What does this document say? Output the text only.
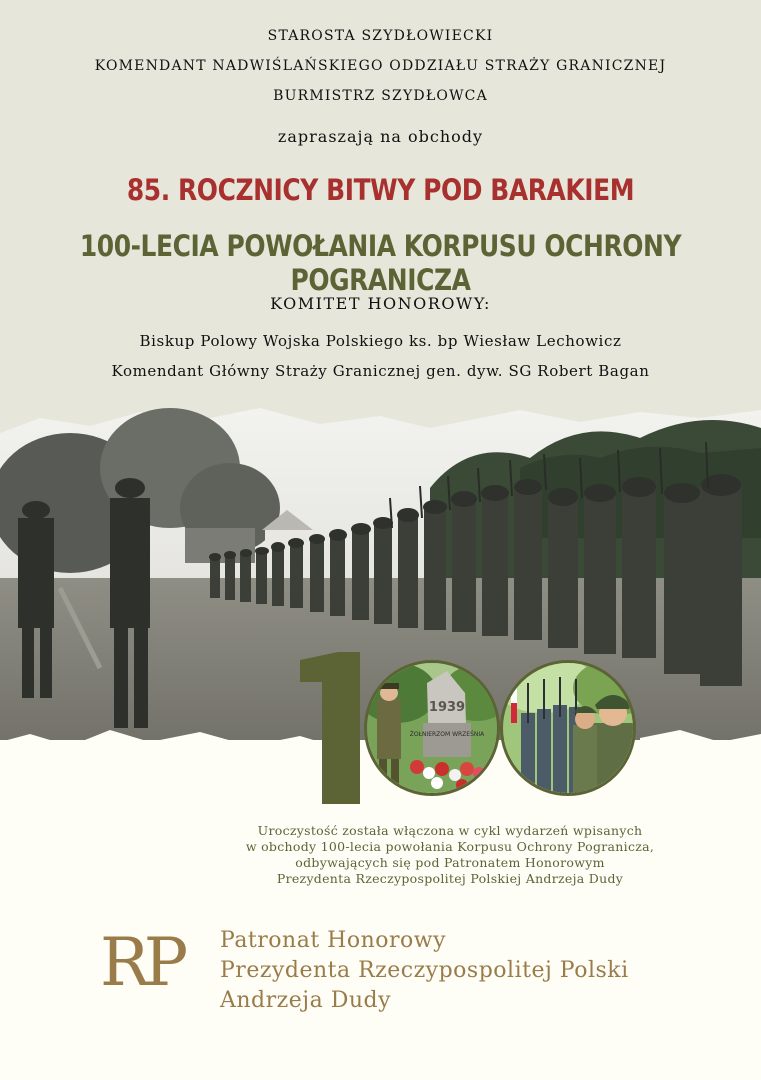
STAROSTA SZYDŁOWIECKI
KOMENDANT NADWIŚLAŃSKIEGO ODDZIAŁU STRAŻY GRANICZNEJ
BURMISTRZ SZYDŁOWCA
zapraszają na obchody
85. ROCZNICY BITWY POD BARAKIEM
100-LECIA POWOŁANIA KORPUSU OCHRONY POGRANICZA
KOMITET HONOROWY:
Biskup Polowy Wojska Polskiego ks. bp Wiesław Lechowicz
Komendant Główny Straży Granicznej gen. dyw. SG Robert Bagan
1939
ŻOŁNIERZOM WRZEŚNIA
Uroczystość została włączona w cykl wydarzeń wpisanych
w obchody 100-lecia powołania Korpusu Ochrony Pogranicza,
odbywających się pod Patronatem Honorowym
Prezydenta Rzeczypospolitej Polskiej Andrzeja Dudy
RP Patronat Honorowy
Prezydenta Rzeczypospolitej Polski
Andrzeja Dudy
